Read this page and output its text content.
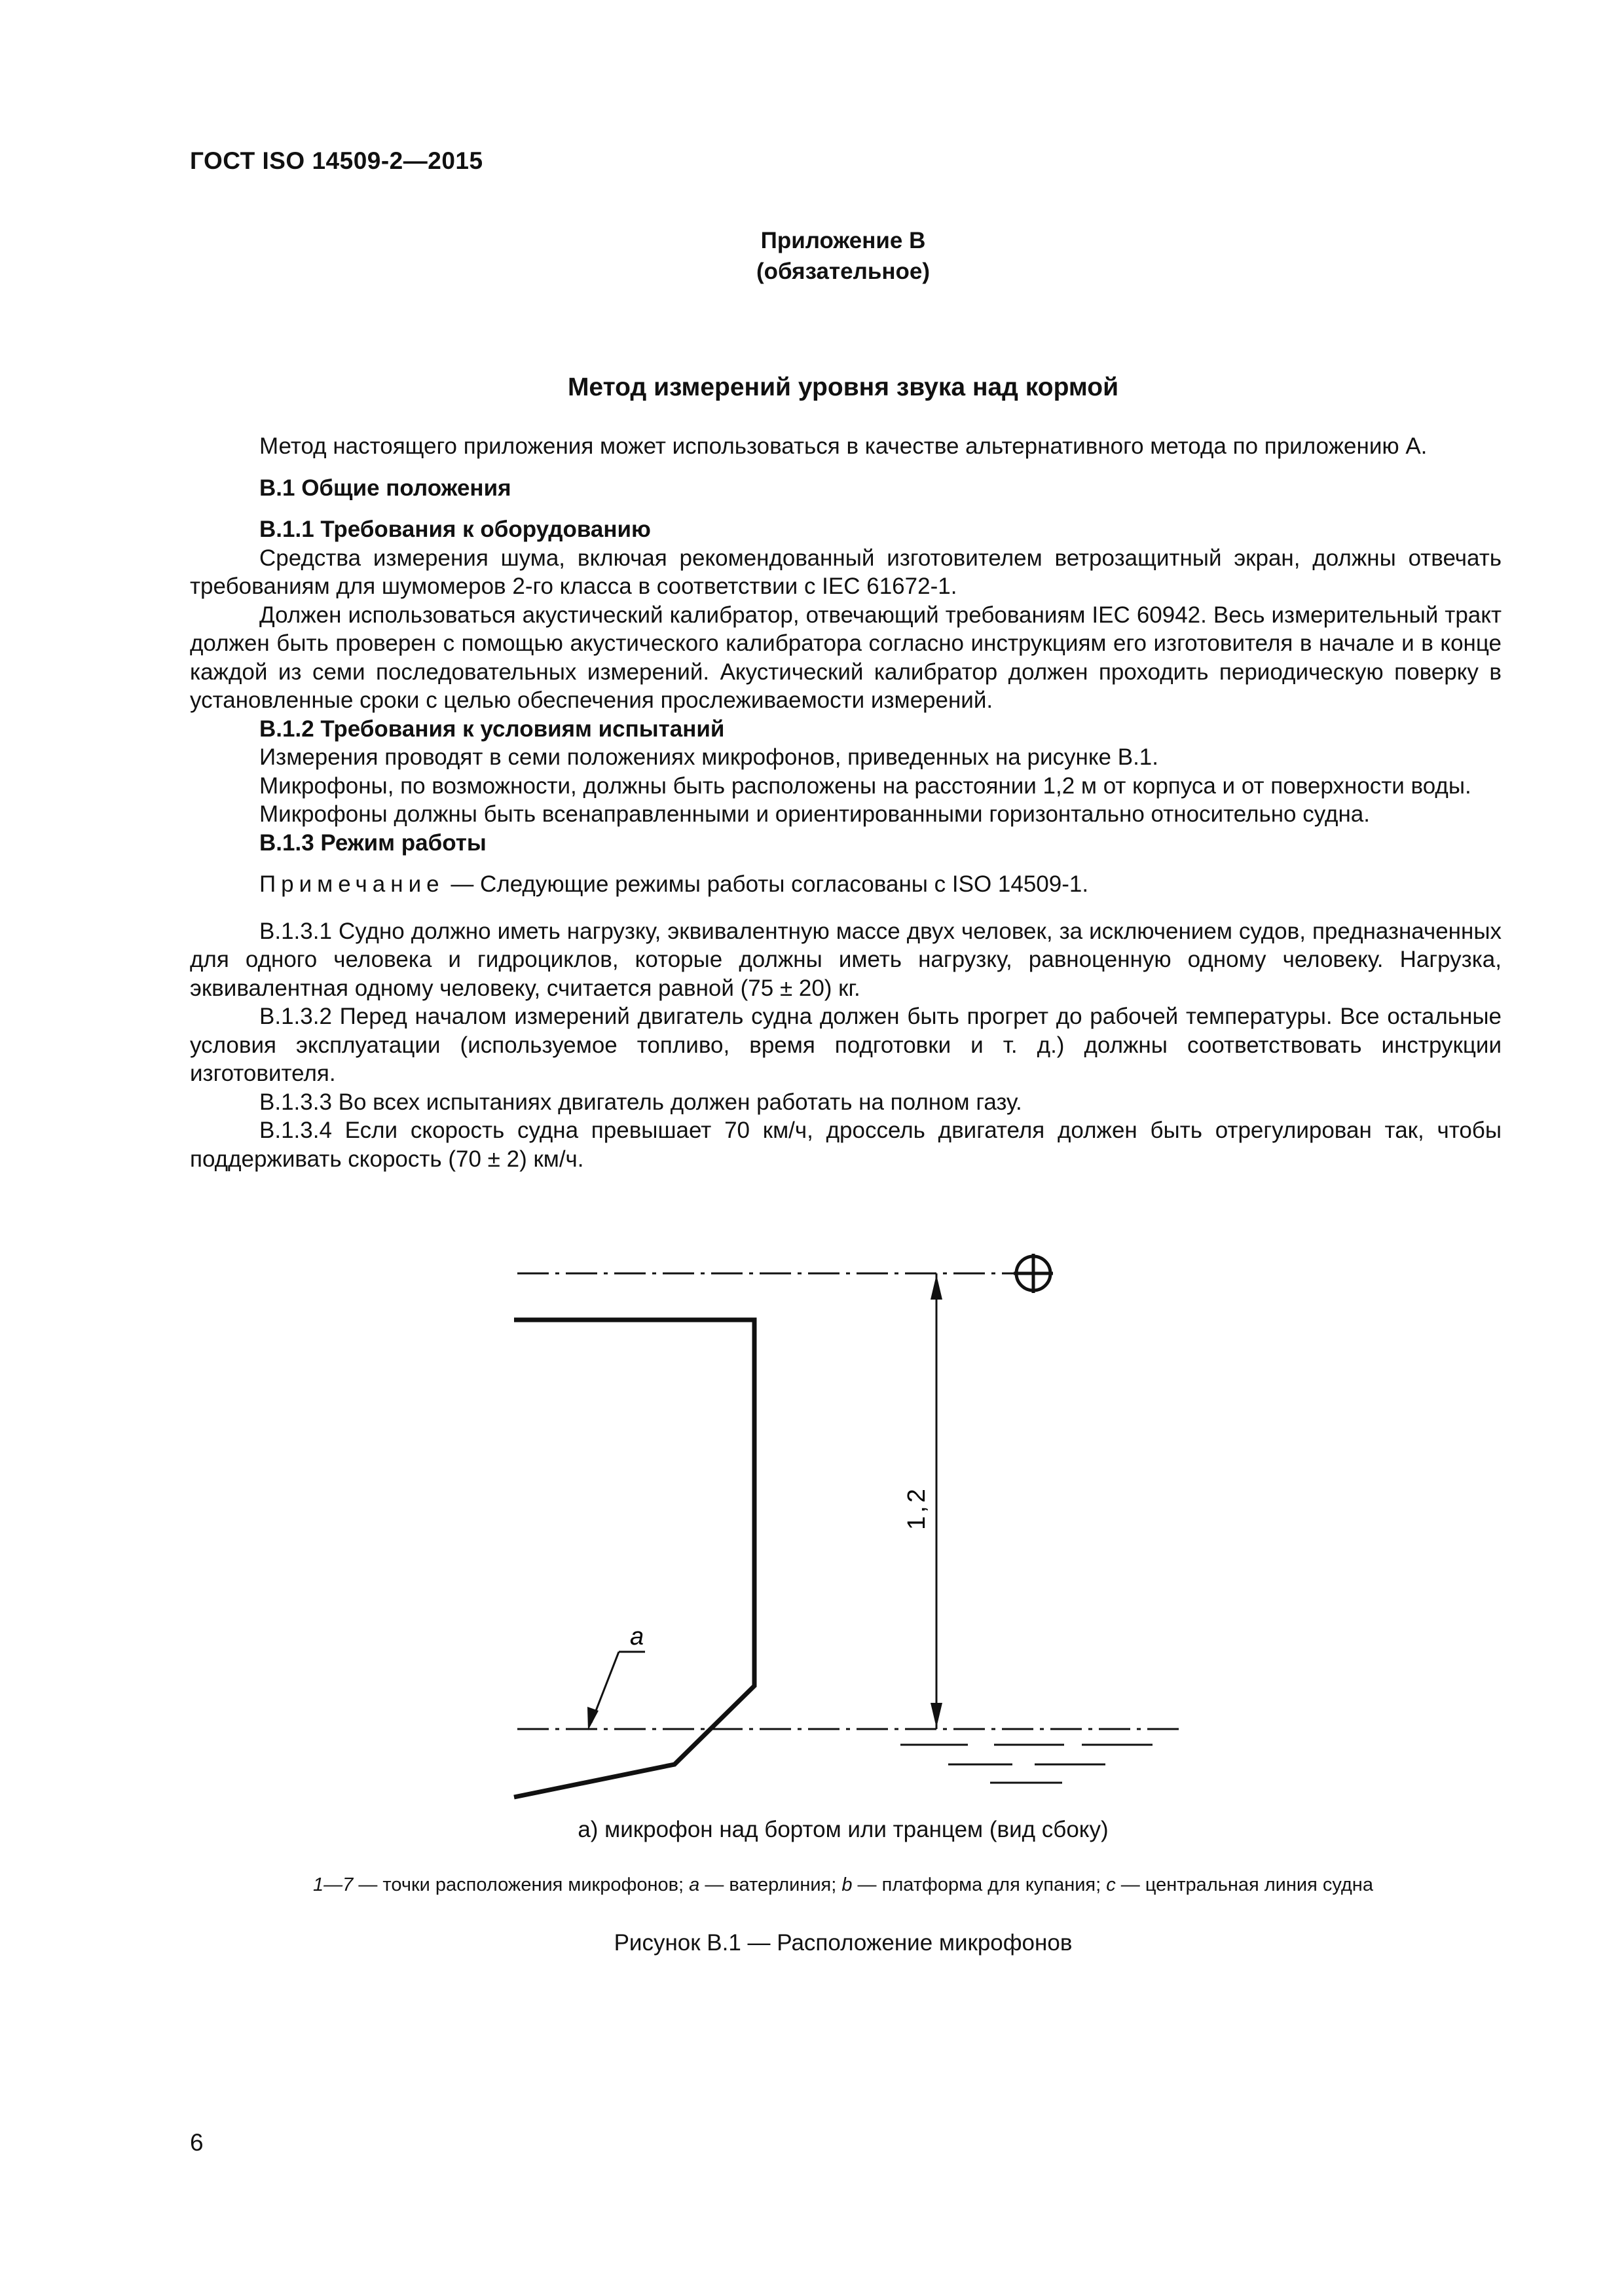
ГОСТ ISO 14509-2—2015
Приложение B
(обязательное)
Метод измерений уровня звука над кормой

Метод настоящего приложения может использоваться в качестве альтернативного метода по приложению А.

B.1 Общие положения
B.1.1 Требования к оборудованию

Средства измерения шума, включая рекомендованный изготовителем ветрозащитный экран, должны отвечать требованиям для шумомеров 2-го класса в соответствии с IEC 61672-1.

Должен использоваться акустический калибратор, отвечающий требованиям IEC 60942. Весь измерительный тракт должен быть проверен с помощью акустического калибратора согласно инструкциям его изготовителя в начале и в конце каждой из семи последовательных измерений. Акустический калибратор должен проходить периодическую поверку в установленные сроки с целью обеспечения прослеживаемости измерений.

B.1.2 Требования к условиям испытаний

Измерения проводят в семи положениях микрофонов, приведенных на рисунке В.1.

Микрофоны, по возможности, должны быть расположены на расстоянии 1,2 м от корпуса и от поверхности воды.

Микрофоны должны быть всенаправленными и ориентированными горизонтально относительно судна.

B.1.3 Режим работы

Примечание — Следующие режимы работы согласованы с ISO 14509-1.

В.1.3.1 Судно должно иметь нагрузку, эквивалентную массе двух человек, за исключением судов, предназначенных для одного человека и гидроциклов, которые должны иметь нагрузку, равноценную одному человеку. Нагрузка, эквивалентная одному человеку, считается равной (75 ± 20) кг.

В.1.3.2 Перед началом измерений двигатель судна должен быть прогрет до рабочей температуры. Все остальные условия эксплуатации (используемое топливо, время подготовки и т. д.) должны соответствовать инструкции изготовителя.

В.1.3.3 Во всех испытаниях двигатель должен работать на полном газу.

В.1.3.4 Если скорость судна превышает 70 км/ч, дроссель двигателя должен быть отрегулирован так, чтобы поддерживать скорость (70 ± 2) км/ч.

1,2
a
а) микрофон над бортом или транцем (вид сбоку)
1—7 — точки расположения микрофонов; a — ватерлиния; b — платформа для купания; c — центральная линия судна
Рисунок В.1 — Расположение микрофонов
6
